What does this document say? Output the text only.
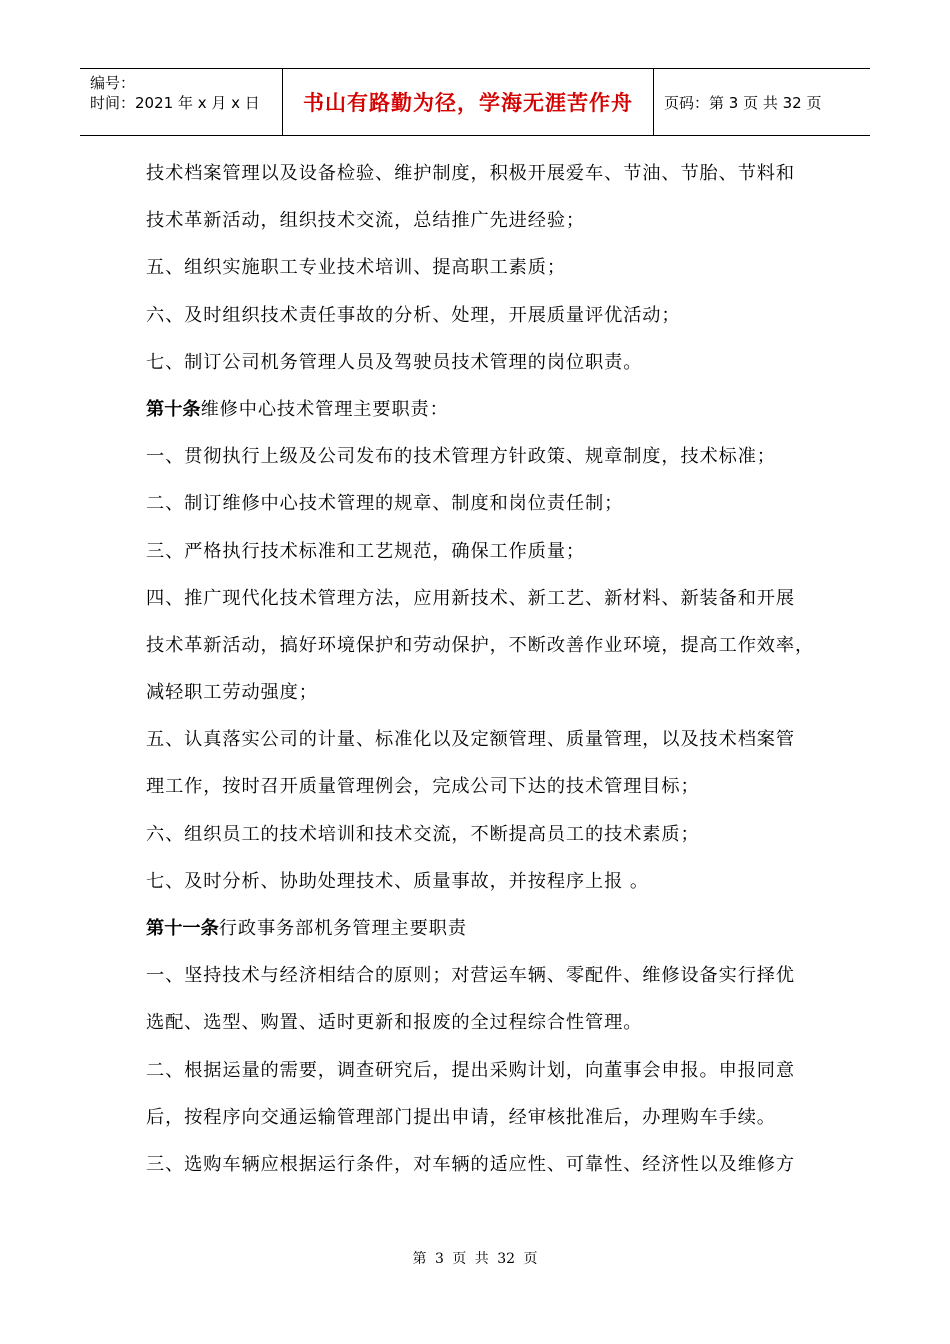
编号：
时间：2021 年 x 月 x 日 书山有路勤为径，学海无涯苦作舟	页码：第 3 页 共 32 页
技术档案管理以及设备检验、维护制度，积极开展爱车、节油、节胎、节料和
技术革新活动，组织技术交流，总结推广先进经验；
五、组织实施职工专业技术培训、提高职工素质；
六、及时组织技术责任事故的分析、处理，开展质量评优活动；
七、制订公司机务管理人员及驾驶员技术管理的岗位职责。
第十条维修中心技术管理主要职责：
一、贯彻执行上级及公司发布的技术管理方针政策、规章制度，技术标准；
二、制订维修中心技术管理的规章、制度和岗位责任制；
三、严格执行技术标准和工艺规范，确保工作质量；
四、推广现代化技术管理方法，应用新技术、新工艺、新材料、新装备和开展
技术革新活动，搞好环境保护和劳动保护，不断改善作业环境，提高工作效率，
减轻职工劳动强度；
五、认真落实公司的计量、标准化以及定额管理、质量管理，以及技术档案管
理工作，按时召开质量管理例会，完成公司下达的技术管理目标；
六、组织员工的技术培训和技术交流，不断提高员工的技术素质；
七、及时分析、协助处理技术、质量事故，并按程序上报 。
第十一条行政事务部机务管理主要职责
一、坚持技术与经济相结合的原则；对营运车辆、零配件、维修设备实行择优
选配、选型、购置、适时更新和报废的全过程综合性管理。
二、根据运量的需要，调查研究后，提出采购计划，向董事会申报。申报同意
后，按程序向交通运输管理部门提出申请，经审核批准后，办理购车手续。
三、选购车辆应根据运行条件，对车辆的适应性、可靠性、经济性以及维修方
第 3 页 共 32 页
